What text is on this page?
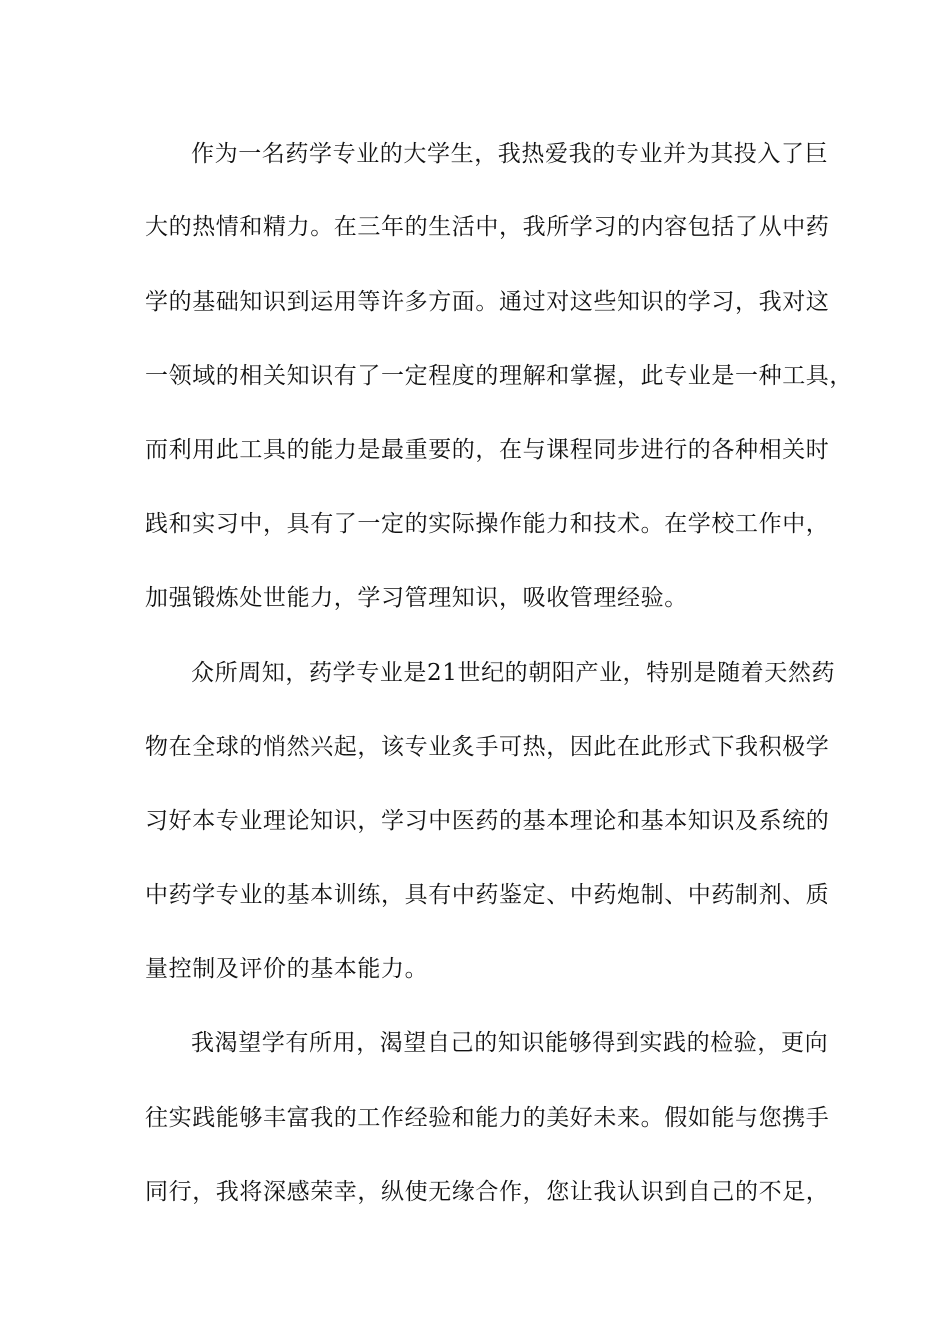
作为一名药学专业的大学生，我热爱我的专业并为其投入了巨
大的热情和精力。在三年的生活中，我所学习的内容包括了从中药
学的基础知识到运用等许多方面。通过对这些知识的学习，我对这
一领域的相关知识有了一定程度的理解和掌握，此专业是一种工具，
而利用此工具的能力是最重要的，在与课程同步进行的各种相关时
践和实习中，具有了一定的实际操作能力和技术。在学校工作中，
加强锻炼处世能力，学习管理知识，吸收管理经验。
众所周知，药学专业是21世纪的朝阳产业，特别是随着天然药
物在全球的悄然兴起，该专业炙手可热，因此在此形式下我积极学
习好本专业理论知识，学习中医药的基本理论和基本知识及系统的
中药学专业的基本训练，具有中药鉴定、中药炮制、中药制剂、质
量控制及评价的基本能力。
我渴望学有所用，渴望自己的知识能够得到实践的检验，更向
往实践能够丰富我的工作经验和能力的美好未来。假如能与您携手
同行，我将深感荣幸，纵使无缘合作，您让我认识到自己的不足，
